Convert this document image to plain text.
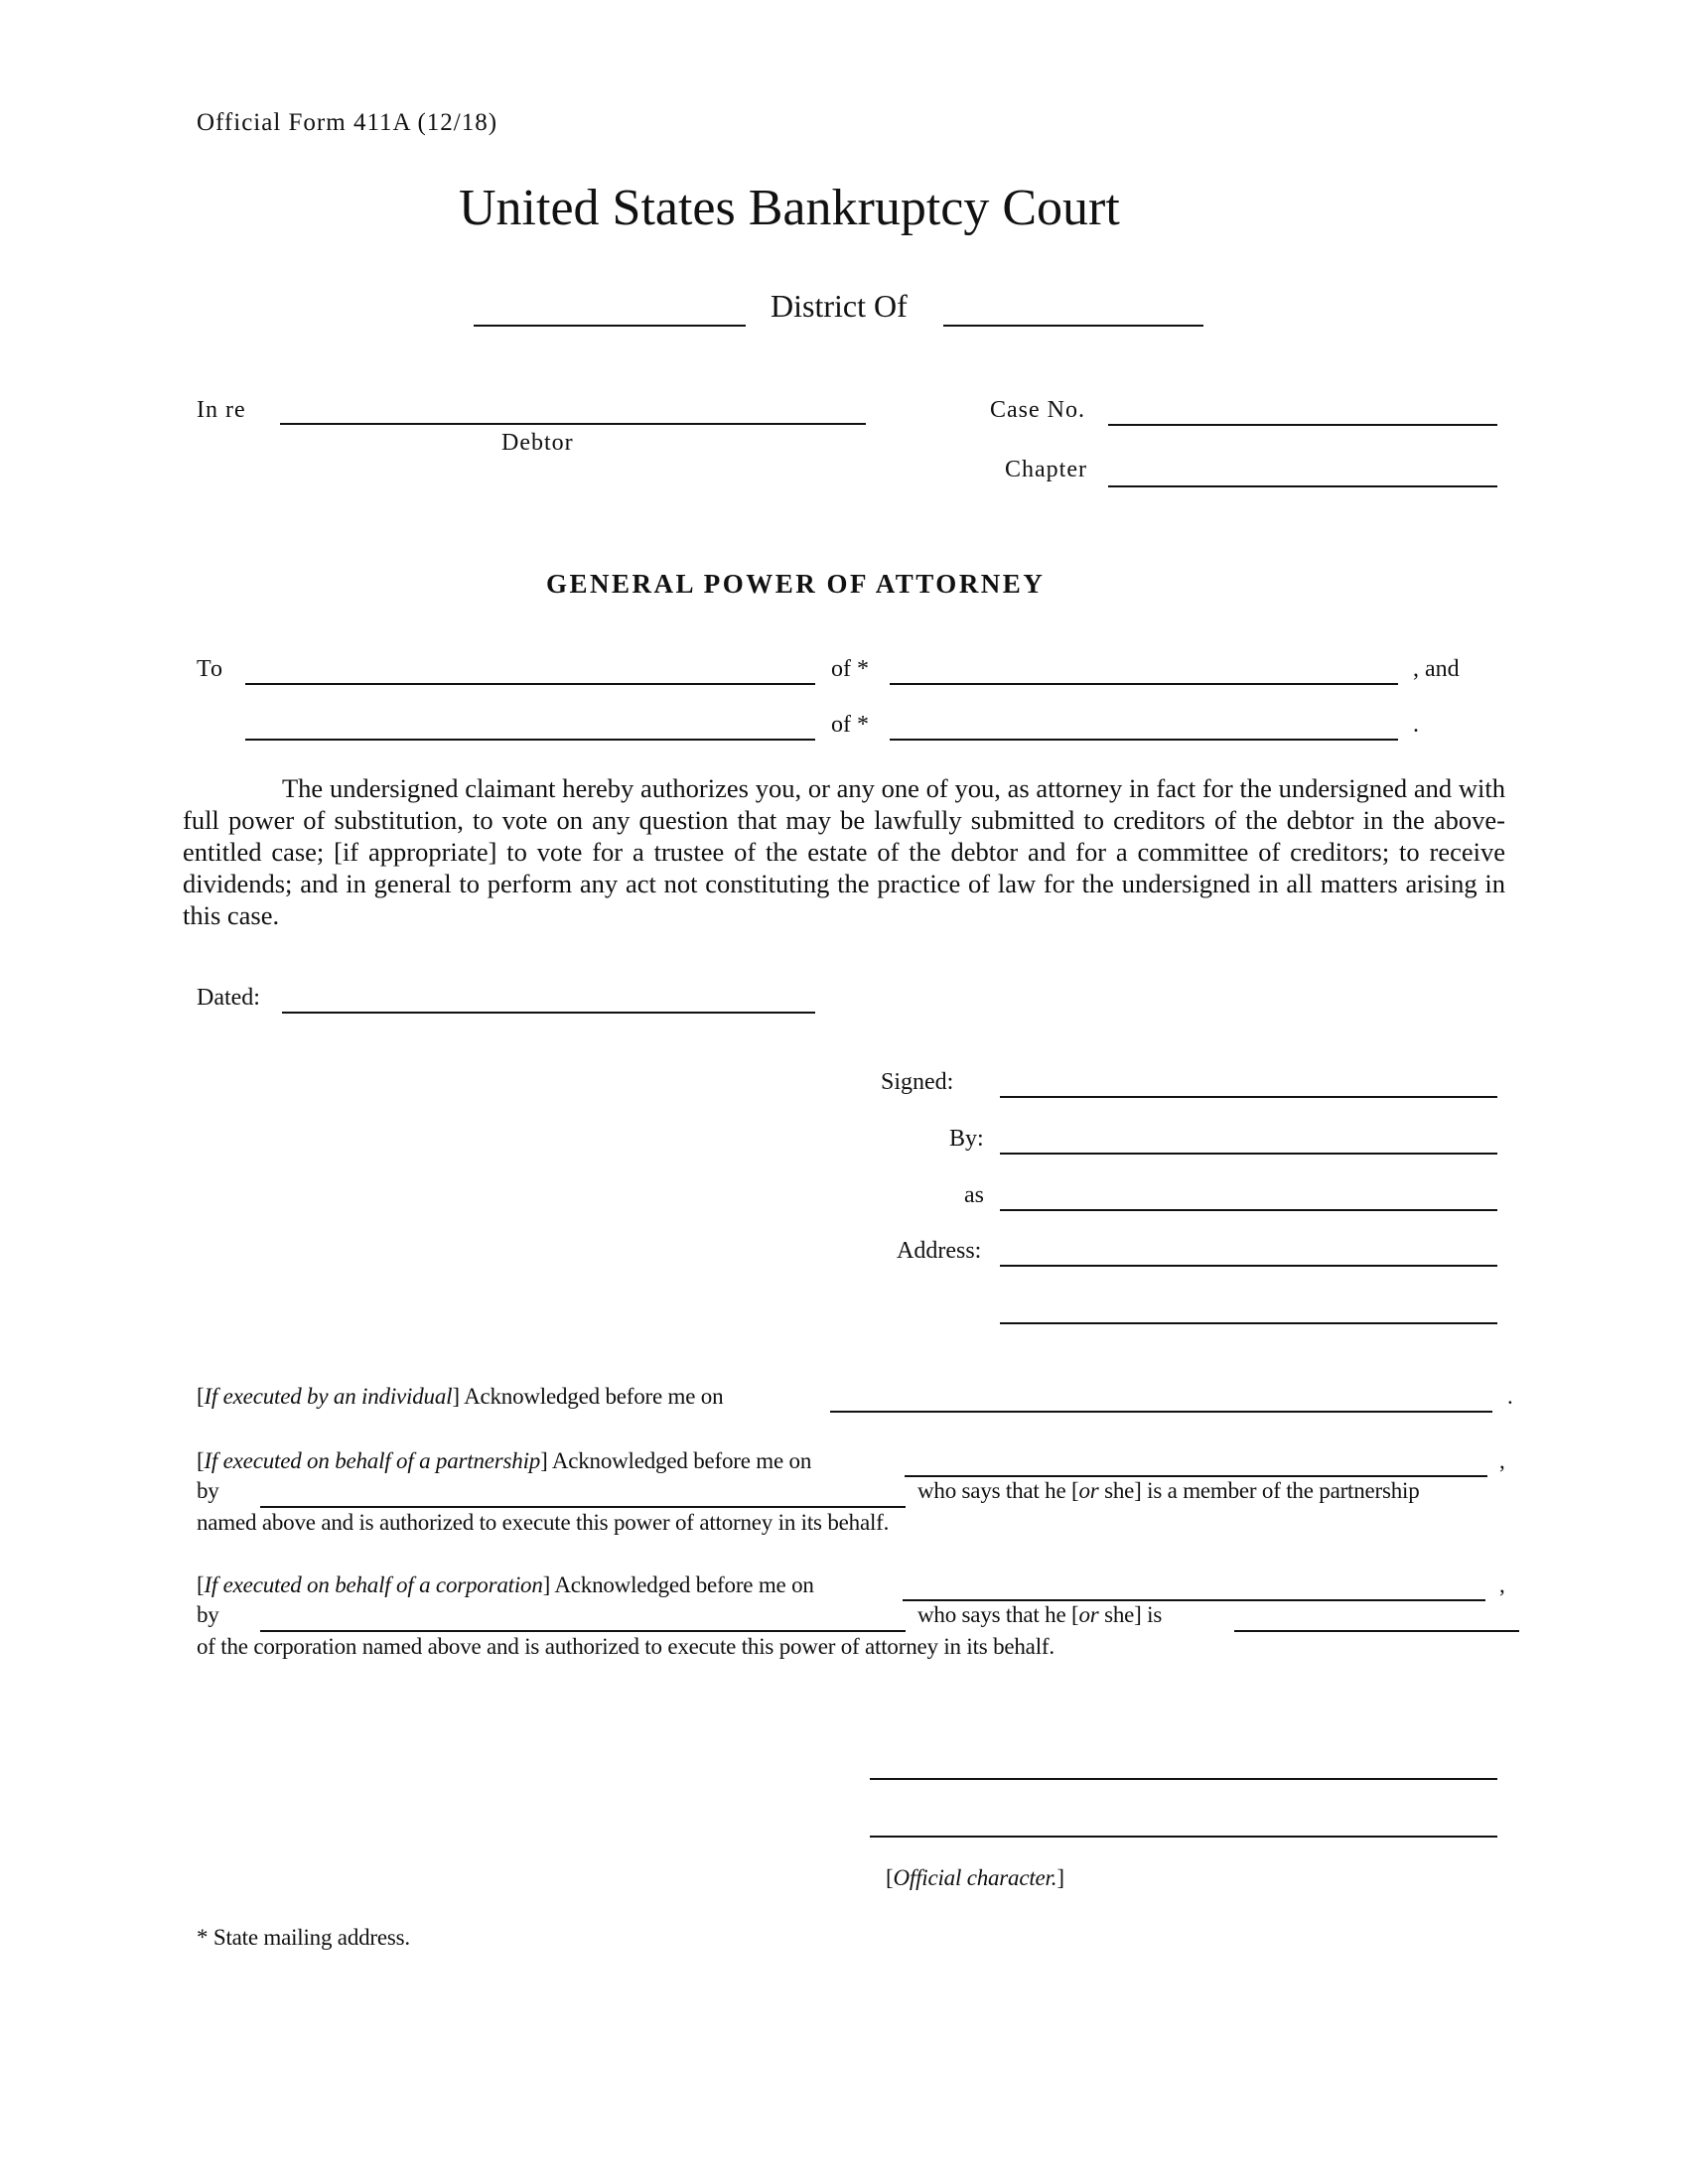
Official Form 411A (12/18)
United States Bankruptcy Court
District Of
In re
Debtor
Case No.
Chapter
GENERAL POWER OF ATTORNEY
To	of *	, and
of *	.
The undersigned claimant hereby authorizes you, or any one of you, as attorney in fact for the undersigned and with full power of substitution, to vote on any question that may be lawfully submitted to creditors of the debtor in the above-entitled case; [if appropriate] to vote for a trustee of the estate of the debtor and for a committee of creditors; to receive dividends; and in general to perform any act not constituting the practice of law for the undersigned in all matters arising in this case.
Dated:
Signed:
By:
as
Address:
[If executed by an individual] Acknowledged before me on	.
[If executed on behalf of a partnership] Acknowledged before me on	,
by	who says that he [or she] is a member of the partnership
named above and is authorized to execute this power of attorney in its behalf.
[If executed on behalf of a corporation] Acknowledged before me on	,
by	who says that he [or she] is
of the corporation named above and is authorized to execute this power of attorney in its behalf.
[Official character.]
* State mailing address.
